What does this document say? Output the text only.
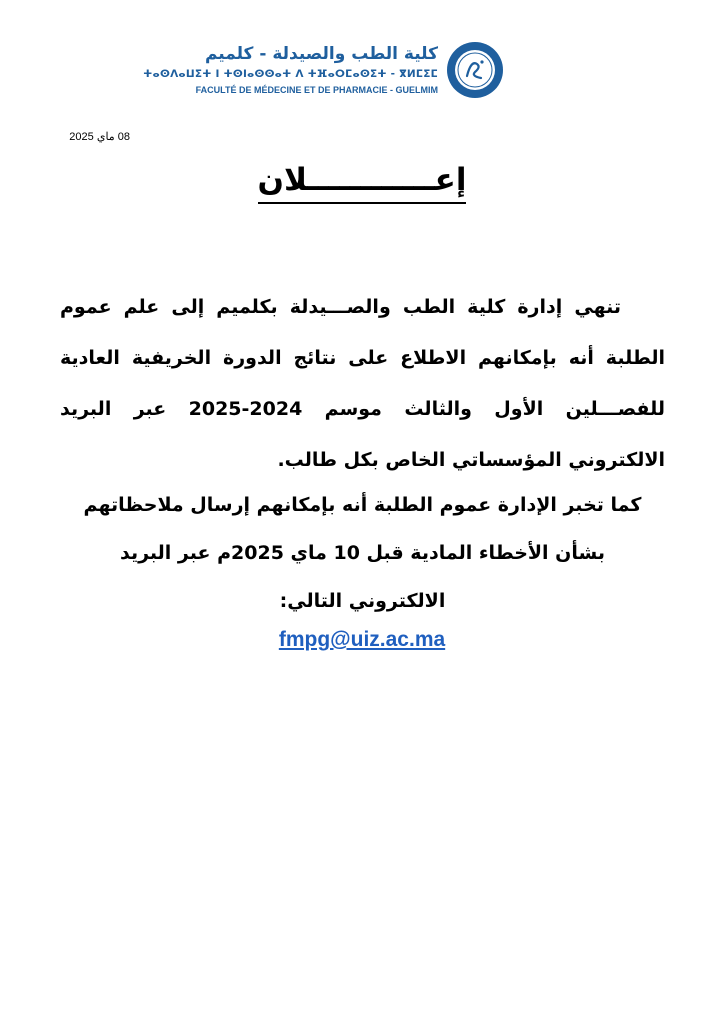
كلية الطب والصيدلة - كلميم
ⵜⴰⵙⴷⴰⵡⵉⵜ ⵏ ⵜⵙⵏⴰⵙⵙⴰⵜ ⴷ ⵜⴼⴰⵔⵎⴰⵙⵉⵜ - ⴳⵍⵎⵉⵎ
FACULTÉ DE MÉDECINE ET DE PHARMACIE - GUELMIM
08 ماي 2025
إعــــــــــــلان
تنهي إدارة كلية الطب والصـــيدلة بكلميم إلى علم عموم الطلبة أنه بإمكانهم الاطلاع على نتائج الدورة الخريفية العادية للفصـــلين الأول والثالث موسم 2024-2025 عبر البريد الالكتروني المؤسساتي الخاص بكل طالب.
كما تخبر الإدارة عموم الطلبة أنه بإمكانهم إرسال ملاحظاتهم بشأن الأخطاء المادية قبل 10 ماي 2025م عبر البريد الالكتروني التالي:
fmpg@uiz.ac.ma
